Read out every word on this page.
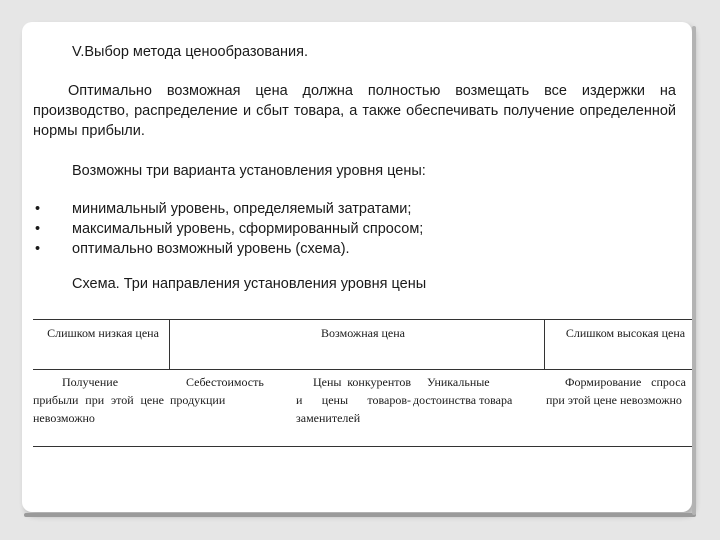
V.Выбор метода ценообразования.
Оптимально возможная цена должна полностью возмещать все издержки на производство, распределение и сбыт товара, а также обеспечивать получение определенной нормы прибыли.
Возможны три варианта установления уровня цены:
• минимальный уровень, определяемый затратами;
• максимальный уровень, сформированный спросом;
• оптимально возможный уровень (схема).
Схема. Три направления установления уровня цены
Слишком низкая цена	Возможная цена	Слишком высокая цена
Получение прибыли при этой цене невозможно
Себестоимость продукции
Цены конкурентов и цены товаров-заменителей
Уникальные достоинства товара
Формирование спроса при этой цене невозможно
